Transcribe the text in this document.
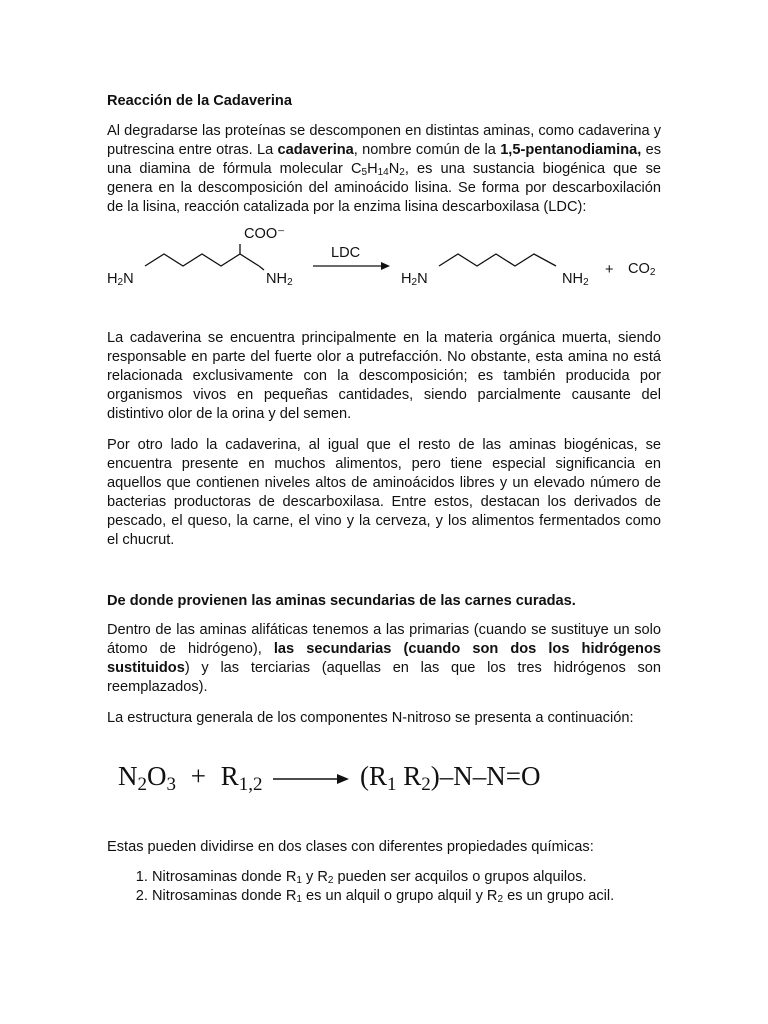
Reacción de la Cadaverina

Al degradarse las proteínas se descomponen en distintas aminas, como cadaverina y putrescina entre otras. La cadaverina, nombre común de la 1,5-pentanodiamina, es una diamina de fórmula molecular $C_5H_{14}N_2$, es una sustancia biogénica que se genera en la descomposición del aminoácido lisina. Se forma por descarboxilación de la lisina, reacción catalizada por la enzima lisina descarboxilasa (LDC):

COO⁻
$H_2N$	$NH_2$
LDC
$H_2N$	$NH_2$
+ $CO_2$

La cadaverina se encuentra principalmente en la materia orgánica muerta, siendo responsable en parte del fuerte olor a putrefacción. No obstante, esta amina no está relacionada exclusivamente con la descomposición; es también producida por organismos vivos en pequeñas cantidades, siendo parcialmente causante del distintivo olor de la orina y del semen.

Por otro lado la cadaverina, al igual que el resto de las aminas biogénicas, se encuentra presente en muchos alimentos, pero tiene especial significancia en aquellos que contienen niveles altos de aminoácidos libres y un elevado número de bacterias productoras de descarboxilasa. Entre estos, destacan los derivados de pescado, el queso, la carne, el vino y la cerveza, y los alimentos fermentados como el chucrut.

De donde provienen las aminas secundarias de las carnes curadas.

Dentro de las aminas alifáticas tenemos a las primarias (cuando se sustituye un solo átomo de hidrógeno), las secundarias (cuando son dos los hidrógenos sustituidos) y las terciarias (aquellas en las que los tres hidrógenos son reemplazados).

La estructura generala de los componentes N-nitroso se presenta a continuación:

$N_2O_3 + R_{1,2}$	($R_1$ $R_2)-N-N=O$

Estas pueden dividirse en dos clases con diferentes propiedades químicas:

1. Nitrosaminas donde $R_1$ y $R_2$ pueden ser acquilos o grupos alquilos.
2. Nitrosaminas donde $R_1$ es un alquil o grupo alquil y $R_2$ es un grupo acil.
